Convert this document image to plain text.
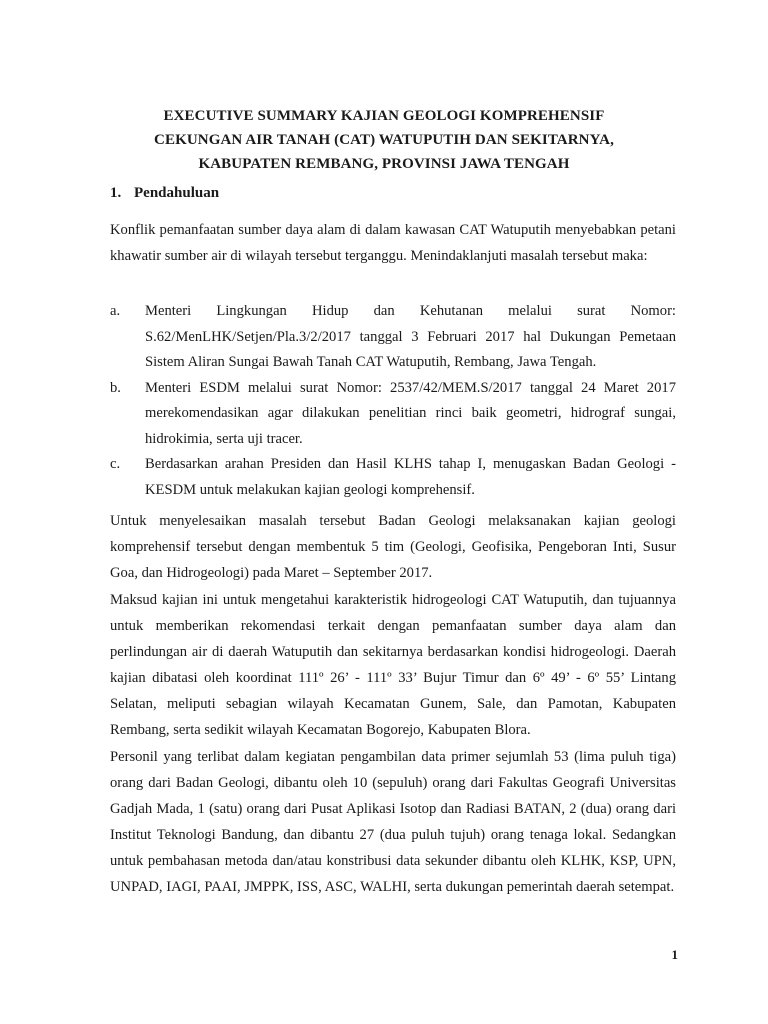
EXECUTIVE SUMMARY KAJIAN GEOLOGI KOMPREHENSIF
CEKUNGAN AIR TANAH (CAT) WATUPUTIH DAN SEKITARNYA,
KABUPATEN REMBANG, PROVINSI JAWA TENGAH
1. Pendahuluan
Konflik pemanfaatan sumber daya alam di dalam kawasan CAT Watuputih menyebabkan petani khawatir sumber air di wilayah tersebut terganggu. Menindaklanjuti masalah tersebut maka:
a. Menteri Lingkungan Hidup dan Kehutanan melalui surat Nomor: S.62/MenLHK/Setjen/Pla.3/2/2017 tanggal 3 Februari 2017 hal Dukungan Pemetaan Sistem Aliran Sungai Bawah Tanah CAT Watuputih, Rembang, Jawa Tengah.
b. Menteri ESDM melalui surat Nomor: 2537/42/MEM.S/2017 tanggal 24 Maret 2017 merekomendasikan agar dilakukan penelitian rinci baik geometri, hidrograf sungai, hidrokimia, serta uji tracer.
c. Berdasarkan arahan Presiden dan Hasil KLHS tahap I, menugaskan Badan Geologi - KESDM untuk melakukan kajian geologi komprehensif.
Untuk menyelesaikan masalah tersebut Badan Geologi melaksanakan kajian geologi komprehensif tersebut dengan membentuk 5 tim (Geologi, Geofisika, Pengeboran Inti, Susur Goa, dan Hidrogeologi) pada Maret – September 2017.
Maksud kajian ini untuk mengetahui karakteristik hidrogeologi CAT Watuputih, dan tujuannya untuk memberikan rekomendasi terkait dengan pemanfaatan sumber daya alam dan perlindungan air di daerah Watuputih dan sekitarnya berdasarkan kondisi hidrogeologi. Daerah kajian dibatasi oleh koordinat 111º 26’ - 111º 33’ Bujur Timur dan 6º 49’ - 6º 55’ Lintang Selatan, meliputi sebagian wilayah Kecamatan Gunem, Sale, dan Pamotan, Kabupaten Rembang, serta sedikit wilayah Kecamatan Bogorejo, Kabupaten Blora.
Personil yang terlibat dalam kegiatan pengambilan data primer sejumlah 53 (lima puluh tiga) orang dari Badan Geologi, dibantu oleh 10 (sepuluh) orang dari Fakultas Geografi Universitas Gadjah Mada, 1 (satu) orang dari Pusat Aplikasi Isotop dan Radiasi BATAN, 2 (dua) orang dari Institut Teknologi Bandung, dan dibantu 27 (dua puluh tujuh) orang tenaga lokal. Sedangkan untuk pembahasan metoda dan/atau konstribusi data sekunder dibantu oleh KLHK, KSP, UPN, UNPAD, IAGI, PAAI, JMPPK, ISS, ASC, WALHI, serta dukungan pemerintah daerah setempat.
1
